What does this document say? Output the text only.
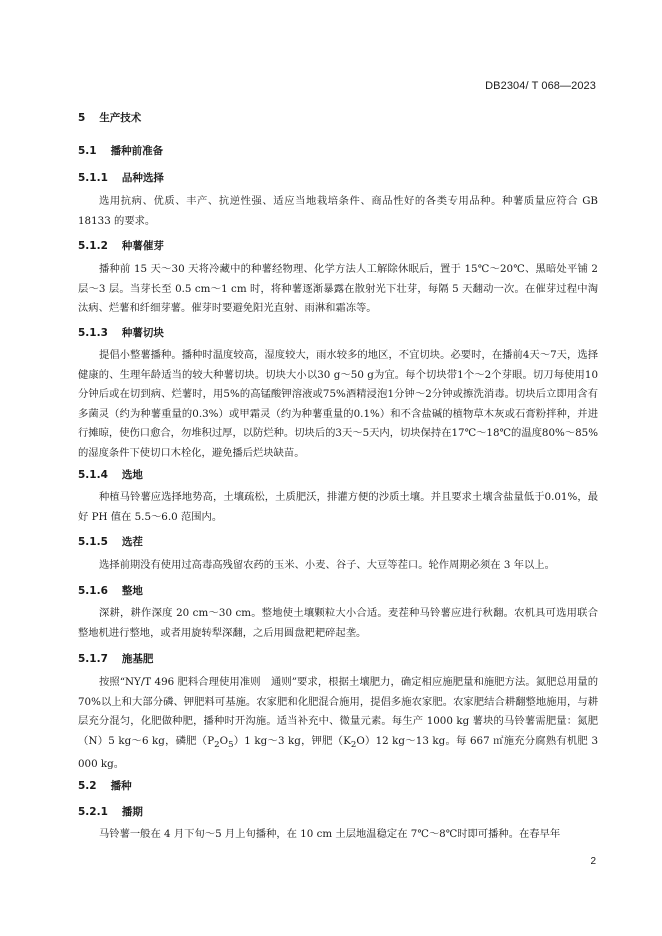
DB2304/ T 068—2023
5 生产技术
5.1 播种前准备
5.1.1 品种选择

选用抗病、优质、丰产、抗逆性强、适应当地栽培条件、商品性好的各类专用品种。种薯质量应符合 GB 18133 的要求。

5.1.2 种薯催芽

播种前 15 天～30 天将冷藏中的种薯经物理、化学方法人工解除休眠后，置于 15℃～20℃、黑暗处平铺 2 层～3 层。当芽长至 0.5 cm～1 cm 时，将种薯逐渐暴露在散射光下壮芽，每隔 5 天翻动一次。在催芽过程中淘汰病、烂薯和纤细芽薯。催芽时要避免阳光直射、雨淋和霜冻等。

5.1.3 种薯切块

提倡小整薯播种。播种时温度较高，湿度较大，雨水较多的地区，不宜切块。必要时，在播前4天～7天，选择健康的、生理年龄适当的较大种薯切块。切块大小以30 g～50 g为宜。每个切块带1个～2个芽眼。切刀每使用10分钟后或在切到病、烂薯时，用5%的高锰酸钾溶液或75%酒精浸泡1分钟～2分钟或擦洗消毒。切块后立即用含有多菌灵（约为种薯重量的0.3%）或甲霜灵（约为种薯重量的0.1%）和不含盐碱的植物草木灰或石膏粉拌种，并进行摊晾，使伤口愈合，勿堆积过厚，以防烂种。切块后的3天～5天内，切块保持在17℃～18℃的温度80%～85%的湿度条件下使切口木栓化，避免播后烂块缺苗。

5.1.4 选地

种植马铃薯应选择地势高，土壤疏松，土质肥沃，排灌方便的沙质土壤。并且要求土壤含盐量低于0.01%，最好 PH 值在 5.5～6.0 范围内。

5.1.5 选茬

选择前期没有使用过高毒高残留农药的玉米、小麦、谷子、大豆等茬口。轮作周期必须在 3 年以上。

5.1.6 整地

深耕，耕作深度 20 cm～30 cm。整地使土壤颗粒大小合适。麦茬种马铃薯应进行秋翻。农机具可选用联合整地机进行整地，或者用旋转犁深翻，之后用圆盘耙耙碎起垄。

5.1.7 施基肥

按照“NY/T 496 肥料合理使用准则　通则”要求，根据土壤肥力，确定相应施肥量和施肥方法。氮肥总用量的 70%以上和大部分磷、钾肥料可基施。农家肥和化肥混合施用，提倡多施农家肥。农家肥结合耕翻整地施用，与耕层充分混匀，化肥做种肥，播种时开沟施。适当补充中、微量元素。每生产 1000 kg 薯块的马铃薯需肥量：氮肥（N）5 kg～6 kg，磷肥$(P_2O_5)1$ kg～3 kg，钾肥$(K_2O)12$ kg～13 kg。每 667 ㎡施充分腐熟有机肥 3 000 kg。

5.2 播种
5.2.1 播期

马铃薯一般在 4 月下旬～5 月上旬播种，在 10 cm 土层地温稳定在 7℃～8℃时即可播种。在春早年

2
